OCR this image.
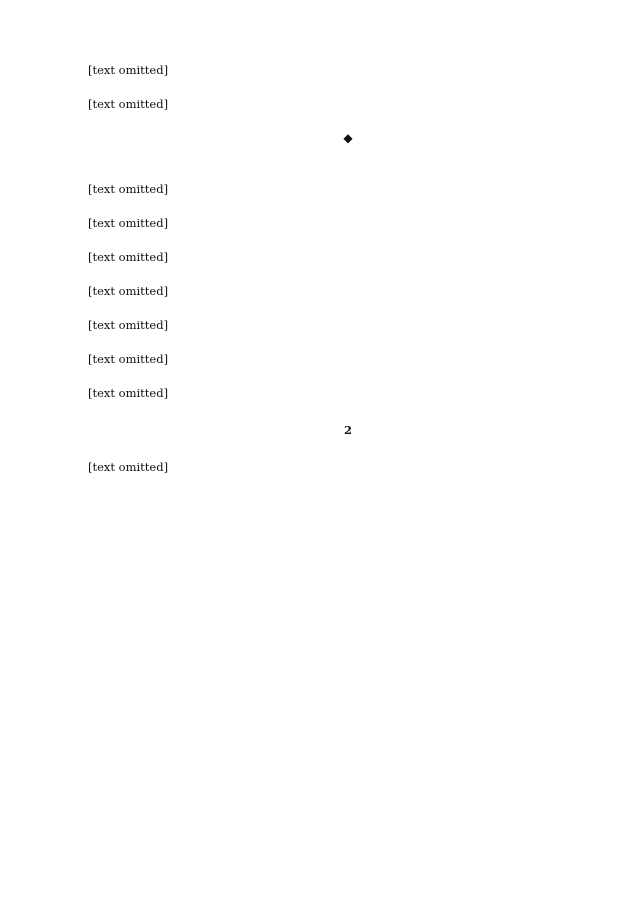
[text omitted]

[text omitted]

◆

[text omitted]

[text omitted]

[text omitted]

[text omitted]

[text omitted]

[text omitted]

[text omitted]

2

[text omitted]
